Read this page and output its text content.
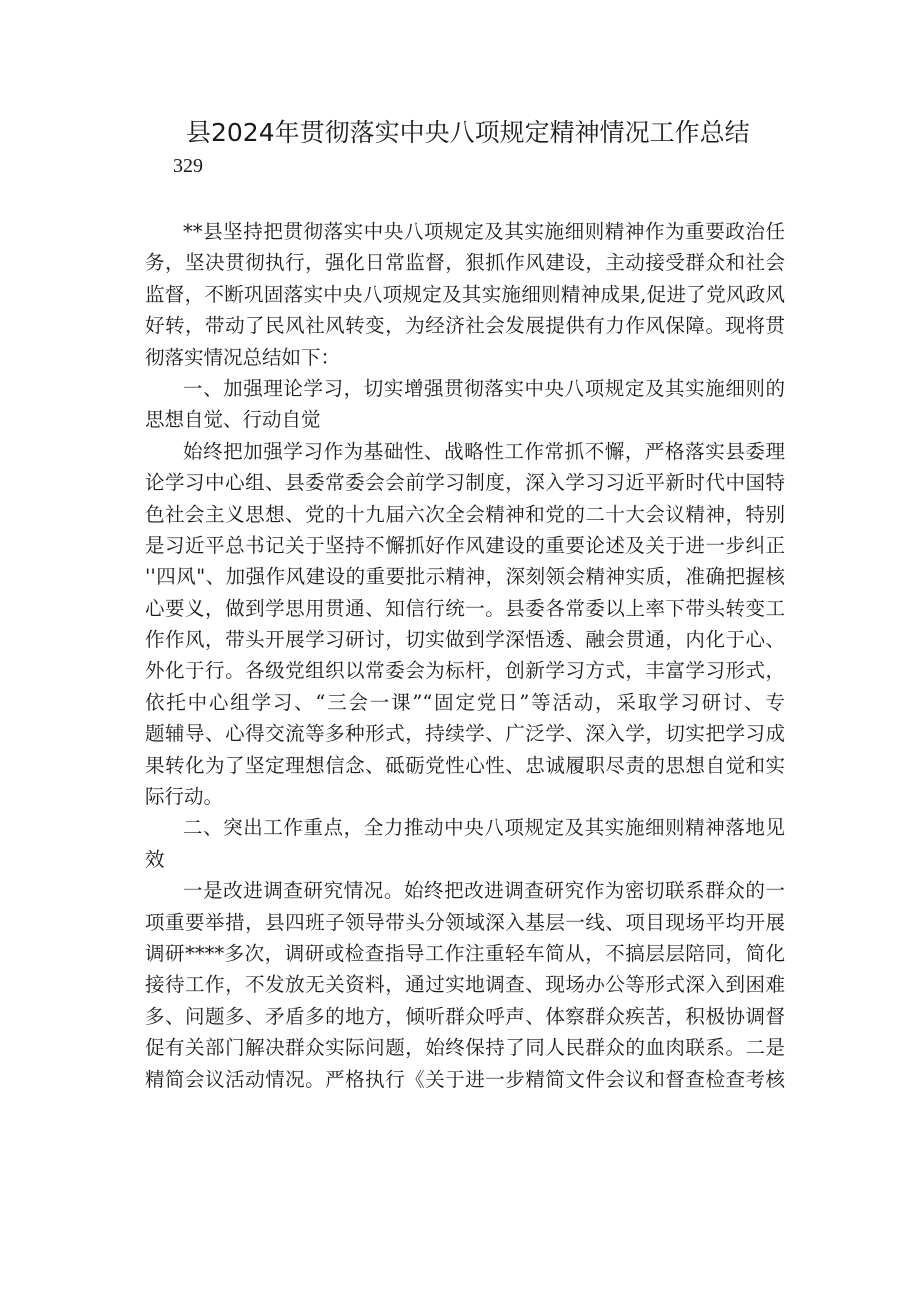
县2024年贯彻落实中央八项规定精神情况工作总结
329

**县坚持把贯彻落实中央八项规定及其实施细则精神作为重要政治任

务，坚决贯彻执行，强化日常监督，狠抓作风建设，主动接受群众和社会

监督，不断巩固落实中央八项规定及其实施细则精神成果,促进了党风政风

好转，带动了民风社风转变，为经济社会发展提供有力作风保障。现将贯

彻落实情况总结如下：

一、加强理论学习，切实增强贯彻落实中央八项规定及其实施细则的

思想自觉、行动自觉

始终把加强学习作为基础性、战略性工作常抓不懈，严格落实县委理

论学习中心组、县委常委会会前学习制度，深入学习习近平新时代中国特

色社会主义思想、党的十九届六次全会精神和党的二十大会议精神，特别

是习近平总书记关于坚持不懈抓好作风建设的重要论述及关于进一步纠正

''四风"、加强作风建设的重要批示精神，深刻领会精神实质，准确把握核

心要义，做到学思用贯通、知信行统一。县委各常委以上率下带头转变工

作作风，带头开展学习研讨，切实做到学深悟透、融会贯通，内化于心、

外化于行。各级党组织以常委会为标杆，创新学习方式，丰富学习形式，

依托中心组学习、“三会一课”“固定党日”等活动，采取学习研讨、专

题辅导、心得交流等多种形式，持续学、广泛学、深入学，切实把学习成

果转化为了坚定理想信念、砥砺党性心性、忠诚履职尽责的思想自觉和实

际行动。

二、突出工作重点，全力推动中央八项规定及其实施细则精神落地见

效

一是改进调查研究情况。始终把改进调查研究作为密切联系群众的一

项重要举措，县四班子领导带头分领域深入基层一线、项目现场平均开展

调研****多次，调研或检查指导工作注重轻车简从，不搞层层陪同，简化

接待工作，不发放无关资料，通过实地调查、现场办公等形式深入到困难

多、问题多、矛盾多的地方，倾听群众呼声、体察群众疾苦，积极协调督

促有关部门解决群众实际问题，始终保持了同人民群众的血肉联系。二是

精简会议活动情况。严格执行《关于进一步精简文件会议和督查检查考核
